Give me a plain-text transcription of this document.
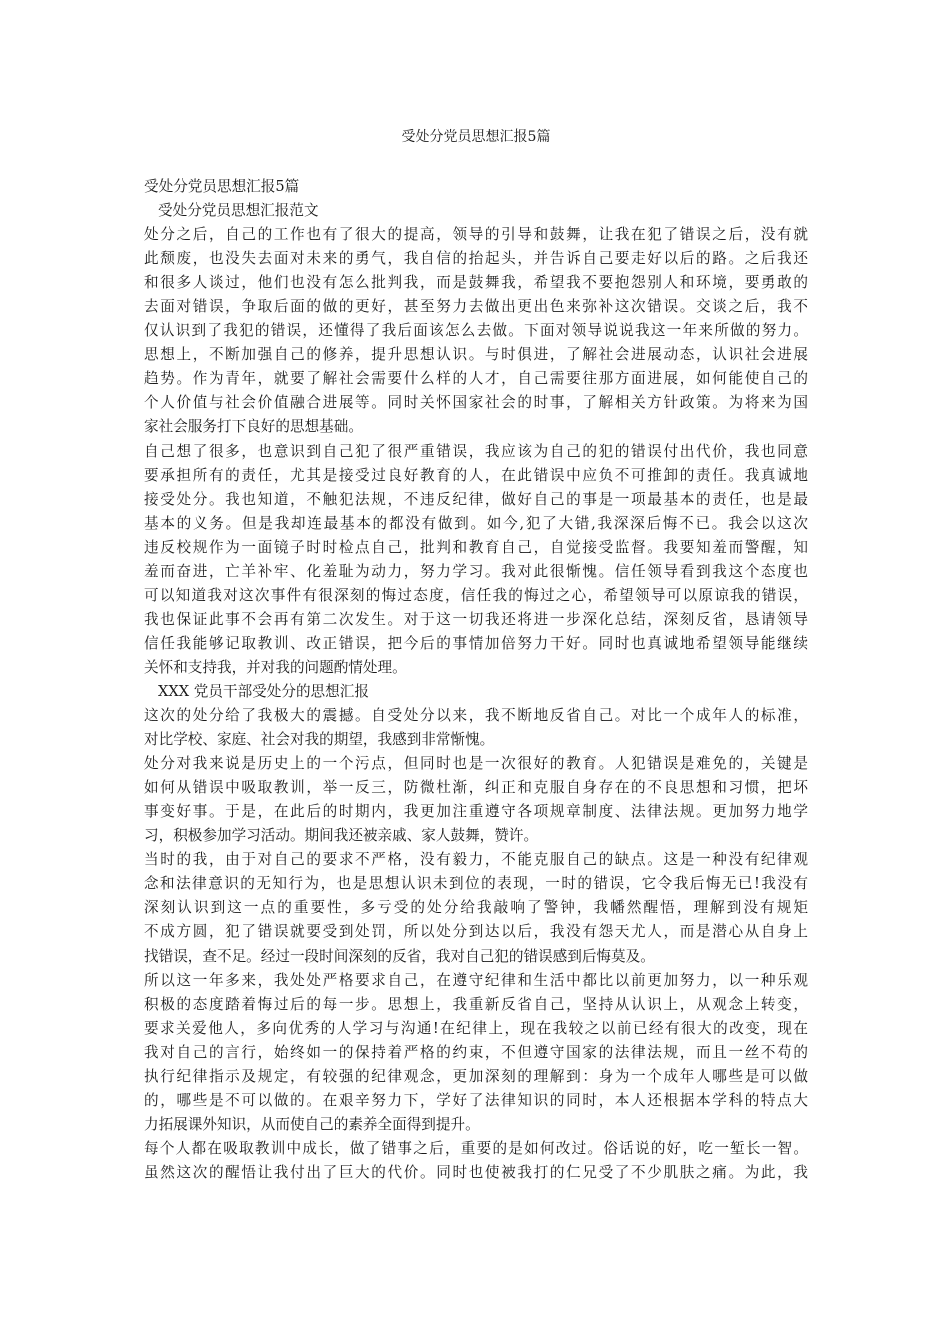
受处分党员思想汇报5篇
受处分党员思想汇报5篇
受处分党员思想汇报范文
处分之后，自己的工作也有了很大的提高，领导的引导和鼓舞，让我在犯了错误之后，没有就
此颓废，也没失去面对未来的勇气，我自信的抬起头，并告诉自己要走好以后的路。之后我还
和很多人谈过，他们也没有怎么批判我，而是鼓舞我，希望我不要抱怨别人和环境，要勇敢的
去面对错误，争取后面的做的更好，甚至努力去做出更出色来弥补这次错误。交谈之后，我不
仅认识到了我犯的错误，还懂得了我后面该怎么去做。下面对领导说说我这一年来所做的努力。
思想上，不断加强自己的修养，提升思想认识。与时俱进，了解社会进展动态，认识社会进展
趋势。作为青年，就要了解社会需要什么样的人才，自己需要往那方面进展，如何能使自己的
个人价值与社会价值融合进展等。同时关怀国家社会的时事，了解相关方针政策。为将来为国
家社会服务打下良好的思想基础。
自己想了很多，也意识到自己犯了很严重错误，我应该为自己的犯的错误付出代价，我也同意
要承担所有的责任，尤其是接受过良好教育的人，在此错误中应负不可推卸的责任。我真诚地
接受处分。我也知道，不触犯法规，不违反纪律，做好自己的事是一项最基本的责任，也是最
基本的义务。但是我却连最基本的都没有做到。如今,犯了大错,我深深后悔不已。我会以这次
违反校规作为一面镜子时时检点自己，批判和教育自己，自觉接受监督。我要知羞而警醒，知
羞而奋进，亡羊补牢、化羞耻为动力，努力学习。我对此很惭愧。信任领导看到我这个态度也
可以知道我对这次事件有很深刻的悔过态度，信任我的悔过之心，希望领导可以原谅我的错误，
我也保证此事不会再有第二次发生。对于这一切我还将进一步深化总结，深刻反省，恳请领导
信任我能够记取教训、改正错误，把今后的事情加倍努力干好。同时也真诚地希望领导能继续
关怀和支持我，并对我的问题酌情处理。
XXX 党员干部受处分的思想汇报
这次的处分给了我极大的震撼。自受处分以来，我不断地反省自己。对比一个成年人的标准，
对比学校、家庭、社会对我的期望，我感到非常惭愧。
处分对我来说是历史上的一个污点，但同时也是一次很好的教育。人犯错误是难免的，关键是
如何从错误中吸取教训，举一反三，防微杜渐，纠正和克服自身存在的不良思想和习惯，把坏
事变好事。于是，在此后的时期内，我更加注重遵守各项规章制度、法律法规。更加努力地学
习，积极参加学习活动。期间我还被亲戚、家人鼓舞，赞许。
当时的我，由于对自己的要求不严格，没有毅力，不能克服自己的缺点。这是一种没有纪律观
念和法律意识的无知行为，也是思想认识未到位的表现，一时的错误，它令我后悔无已!我没有
深刻认识到这一点的重要性，多亏受的处分给我敲响了警钟，我幡然醒悟，理解到没有规矩
不成方圆，犯了错误就要受到处罚，所以处分到达以后，我没有怨天尤人，而是潜心从自身上
找错误，查不足。经过一段时间深刻的反省，我对自己犯的错误感到后悔莫及。
所以这一年多来，我处处严格要求自己，在遵守纪律和生活中都比以前更加努力，以一种乐观
积极的态度踏着悔过后的每一步。思想上，我重新反省自己，坚持从认识上，从观念上转变，
要求关爱他人，多向优秀的人学习与沟通!在纪律上，现在我较之以前已经有很大的改变，现在
我对自己的言行，始终如一的保持着严格的约束，不但遵守国家的法律法规，而且一丝不苟的
执行纪律指示及规定，有较强的纪律观念，更加深刻的理解到：身为一个成年人哪些是可以做
的，哪些是不可以做的。在艰辛努力下，学好了法律知识的同时，本人还根据本学科的特点大
力拓展课外知识，从而使自己的素养全面得到提升。
每个人都在吸取教训中成长，做了错事之后，重要的是如何改过。俗话说的好，吃一堑长一智。
虽然这次的醒悟让我付出了巨大的代价。同时也使被我打的仁兄受了不少肌肤之痛。为此，我
